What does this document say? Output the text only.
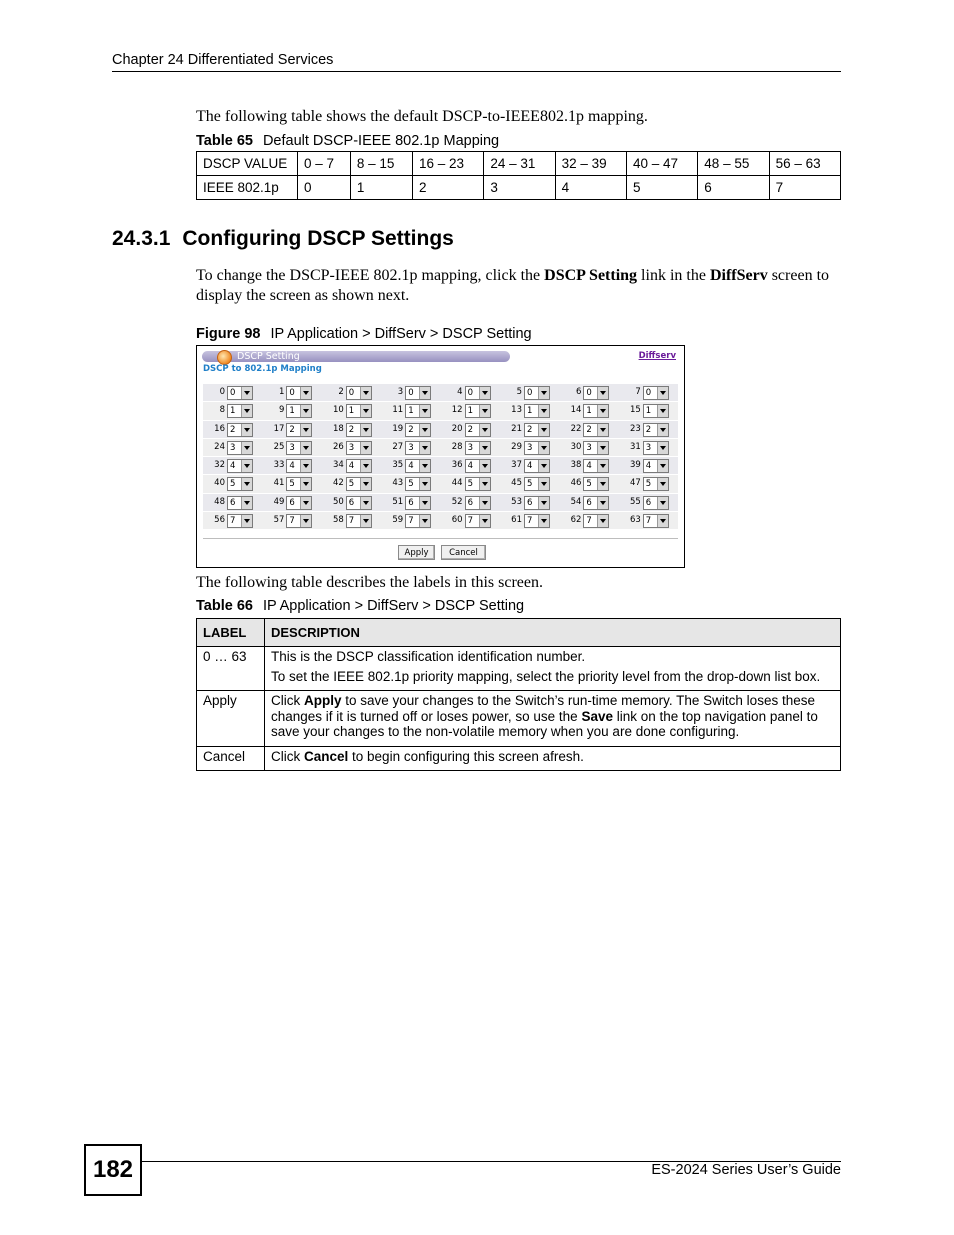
Chapter 24 Differentiated Services
The following table shows the default DSCP-to-IEEE802.1p mapping.
Table 65 Default DSCP-IEEE 802.1p Mapping
DSCP VALUE	0 – 7	8 – 15	16 – 23	24 – 31	32 – 39	40 – 47	48 – 55	56 – 63
IEEE 802.1p	0	1	2	3	4	5	6	7
24.3.1 Configuring DSCP Settings
To change the DSCP-IEEE 802.1p mapping, click the DSCP Setting link in the DiffServ screen to display the screen as shown next.
Figure 98 IP Application > DiffServ > DSCP Setting
DSCP Setting	Diffserv
DSCP to 802.1p Mapping
0 0	1 0	2 0	3 0	4 0	5 0	6 0	7 0
8 1	9 1	10 1	11 1	12 1	13 1	14 1	15 1
16 2	17 2	18 2	19 2	20 2	21 2	22 2	23 2
24 3	25 3	26 3	27 3	28 3	29 3	30 3	31 3
32 4	33 4	34 4	35 4	36 4	37 4	38 4	39 4
40 5	41 5	42 5	43 5	44 5	45 5	46 5	47 5
48 6	49 6	50 6	51 6	52 6	53 6	54 6	55 6
56 7	57 7	58 7	59 7	60 7	61 7	62 7	63 7
Apply	Cancel
The following table describes the labels in this screen.
Table 66 IP Application > DiffServ > DSCP Setting
LABEL	DESCRIPTION
0 … 63	This is the DSCP classification identification number.

To set the IEEE 802.1p priority mapping, select the priority level from the drop-down list box.

Apply	Click Apply to save your changes to the Switch’s run-time memory. The Switch loses these changes if it is turned off or loses power, so use the Save link on the top navigation panel to save your changes to the non-volatile memory when you are done configuring.
Cancel	Click Cancel to begin configuring this screen afresh.
182	ES-2024 Series User’s Guide
